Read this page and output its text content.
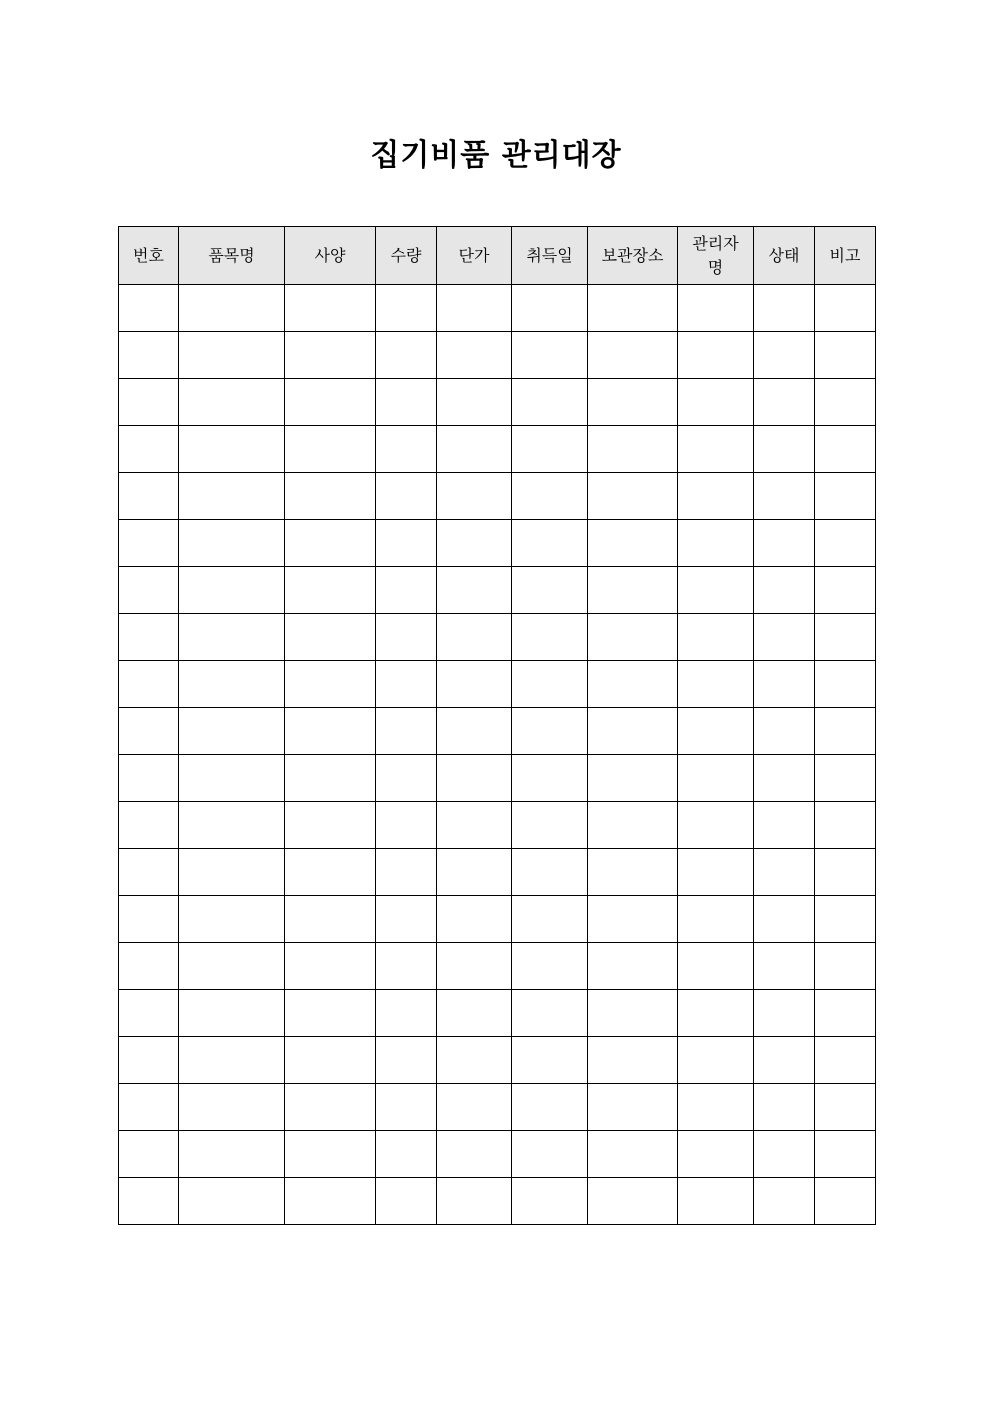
집기비품 관리대장
번호	품목명	사양	수량	단가	취득일	보관장소	관리자명	상태	비고
